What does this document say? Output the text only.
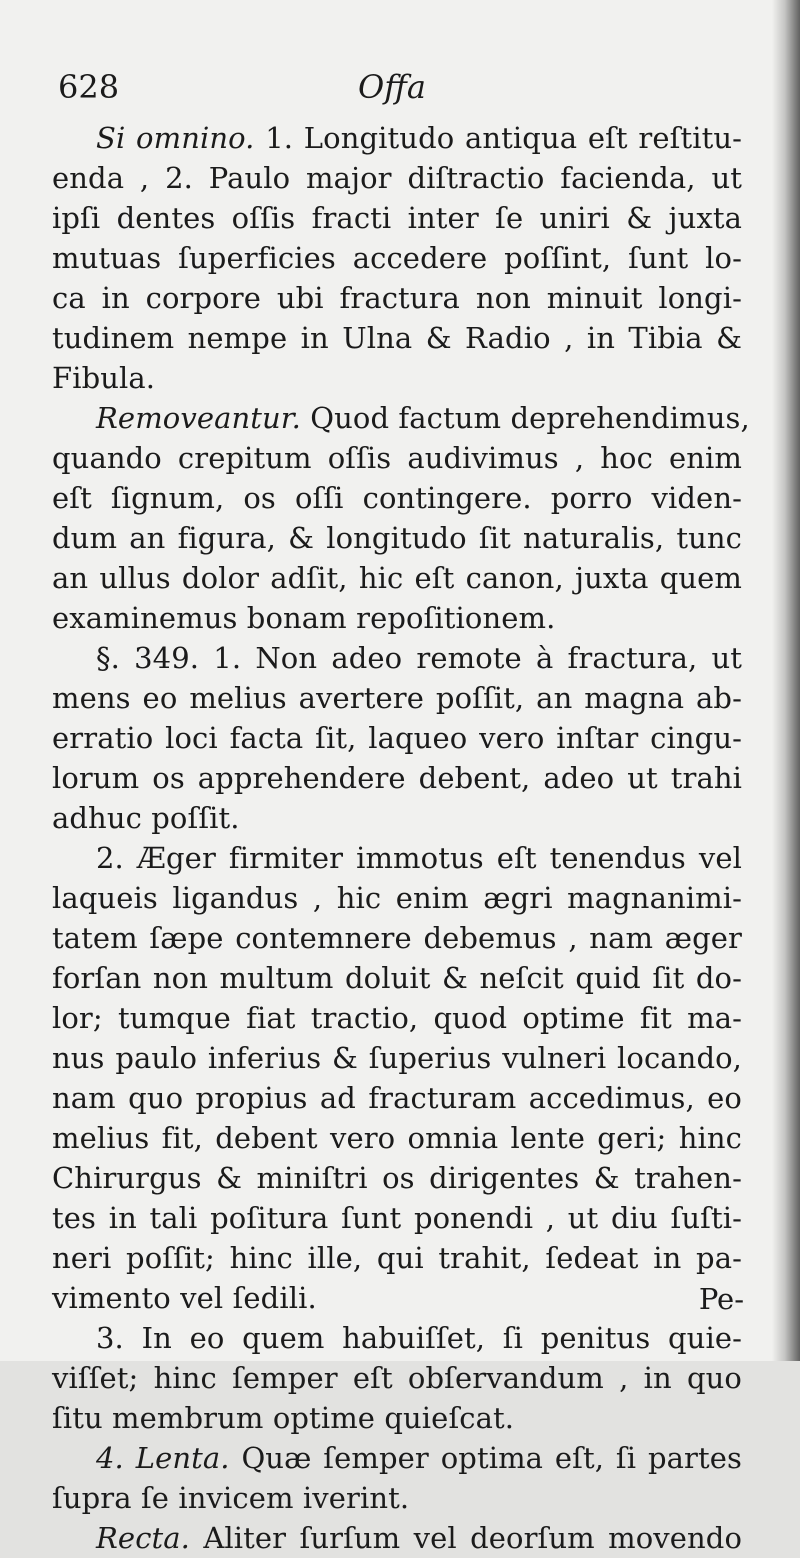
628	Offa
Si omnino. 1. Longitudo antiqua eſt reſtitu-
enda , 2. Paulo major diſtractio facienda, ut
ipſi dentes oſſis fracti inter ſe uniri & juxta
mutuas ſuperficies accedere poſſint, ſunt lo-
ca in corpore ubi fractura non minuit longi-
tudinem nempe in Ulna & Radio , in Tibia &
Fibula.
Removeantur. Quod factum deprehendimus,
quando crepitum oſſis audivimus , hoc enim
eſt ſignum, os oſſi contingere. porro viden-
dum an figura, & longitudo ſit naturalis, tunc
an ullus dolor adſit, hic eſt canon, juxta quem
examinemus bonam repoſitionem.
§. 349. 1. Non adeo remote à fractura, ut
mens eo melius avertere poſſit, an magna ab-
erratio loci facta ſit, laqueo vero inſtar cingu-
lorum os apprehendere debent, adeo ut trahi
adhuc poſſit.
2. Æger firmiter immotus eſt tenendus vel
laqueis ligandus , hic enim ægri magnanimi-
tatem ſæpe contemnere debemus , nam æger
forſan non multum doluit & neſcit quid ſit do-
lor; tumque fiat tractio, quod optime fit ma-
nus paulo inferius & ſuperius vulneri locando,
nam quo propius ad fracturam accedimus, eo
melius fit, debent vero omnia lente geri; hinc
Chirurgus & miniſtri os dirigentes & trahen-
tes in tali poſitura ſunt ponendi , ut diu ſuſti-
neri poſſit; hinc ille, qui trahit, ſedeat in pa-
vimento vel ſedili.
3. In eo quem habuiſſet, ſi penitus quie-
viſſet; hinc ſemper eſt obſervandum , in quo
ſitu membrum optime quieſcat.
4. Lenta. Quæ ſemper optima eſt, ſi partes
ſupra ſe invicem iverint.
Recta. Aliter ſurſum vel deorſum movendo
Pe-
